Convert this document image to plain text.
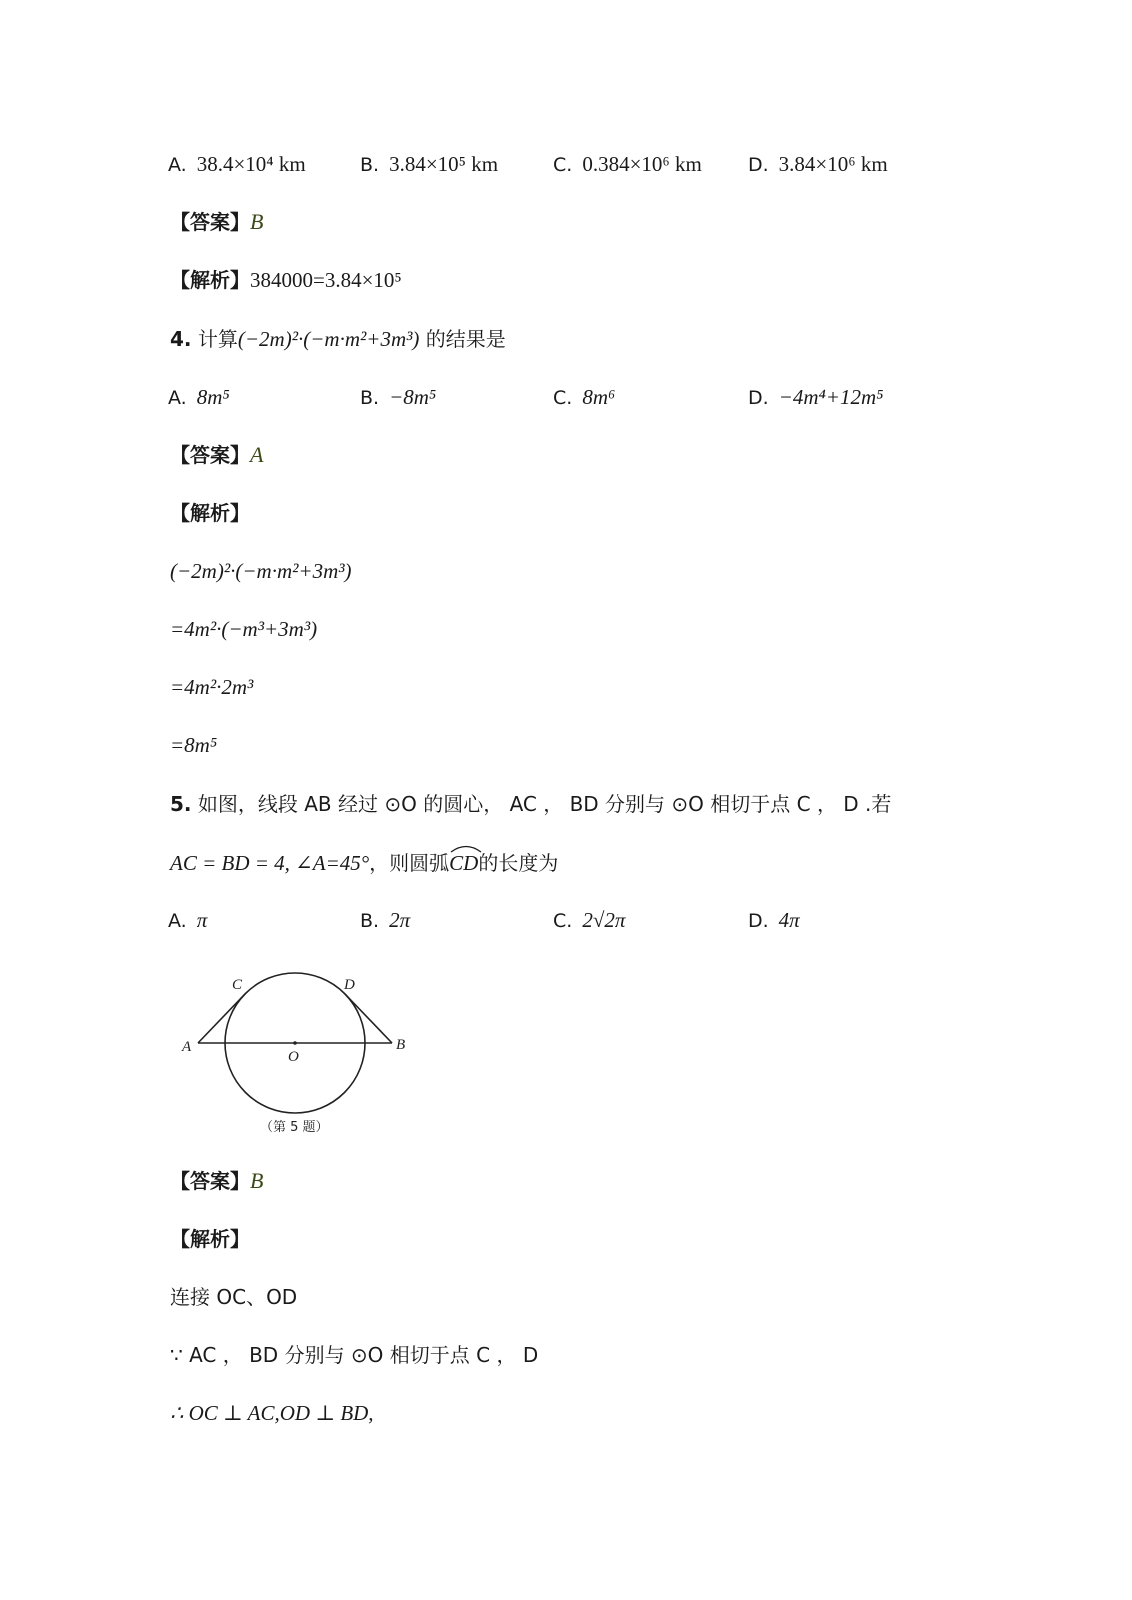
A. 38.4×10⁴ km	B. 3.84×10⁵ km	C. 0.384×10⁶ km D. 3.84×10⁶ km
【答案】B
【解析】384000=3.84×10⁵
4. 计算(−2m)²·(−m·m²+3m³) 的结果是
A. 8m⁵	B. −8m⁵	C. 8m⁶	D. −4m⁴+12m⁵
【答案】A
【解析】
(−2m)²·(−m·m²+3m³)
=4m²·(−m³+3m³)
=4m²·2m³
=8m⁵
5. 如图，线段 AB 经过 ⊙O 的圆心， AC ， BD 分别与 ⊙O 相切于点 C ， D .若
AC = BD = 4, ∠A=45°，则圆弧
CD的长度为
A. π	B. 2π	C. 2√2π	D. 4π
A	B
C	D
O
（第 5 题）
【答案】B
【解析】
连接 OC、OD
∵ AC ， BD 分别与 ⊙O 相切于点 C ， D
∴ OC ⊥ AC,OD ⊥ BD,
